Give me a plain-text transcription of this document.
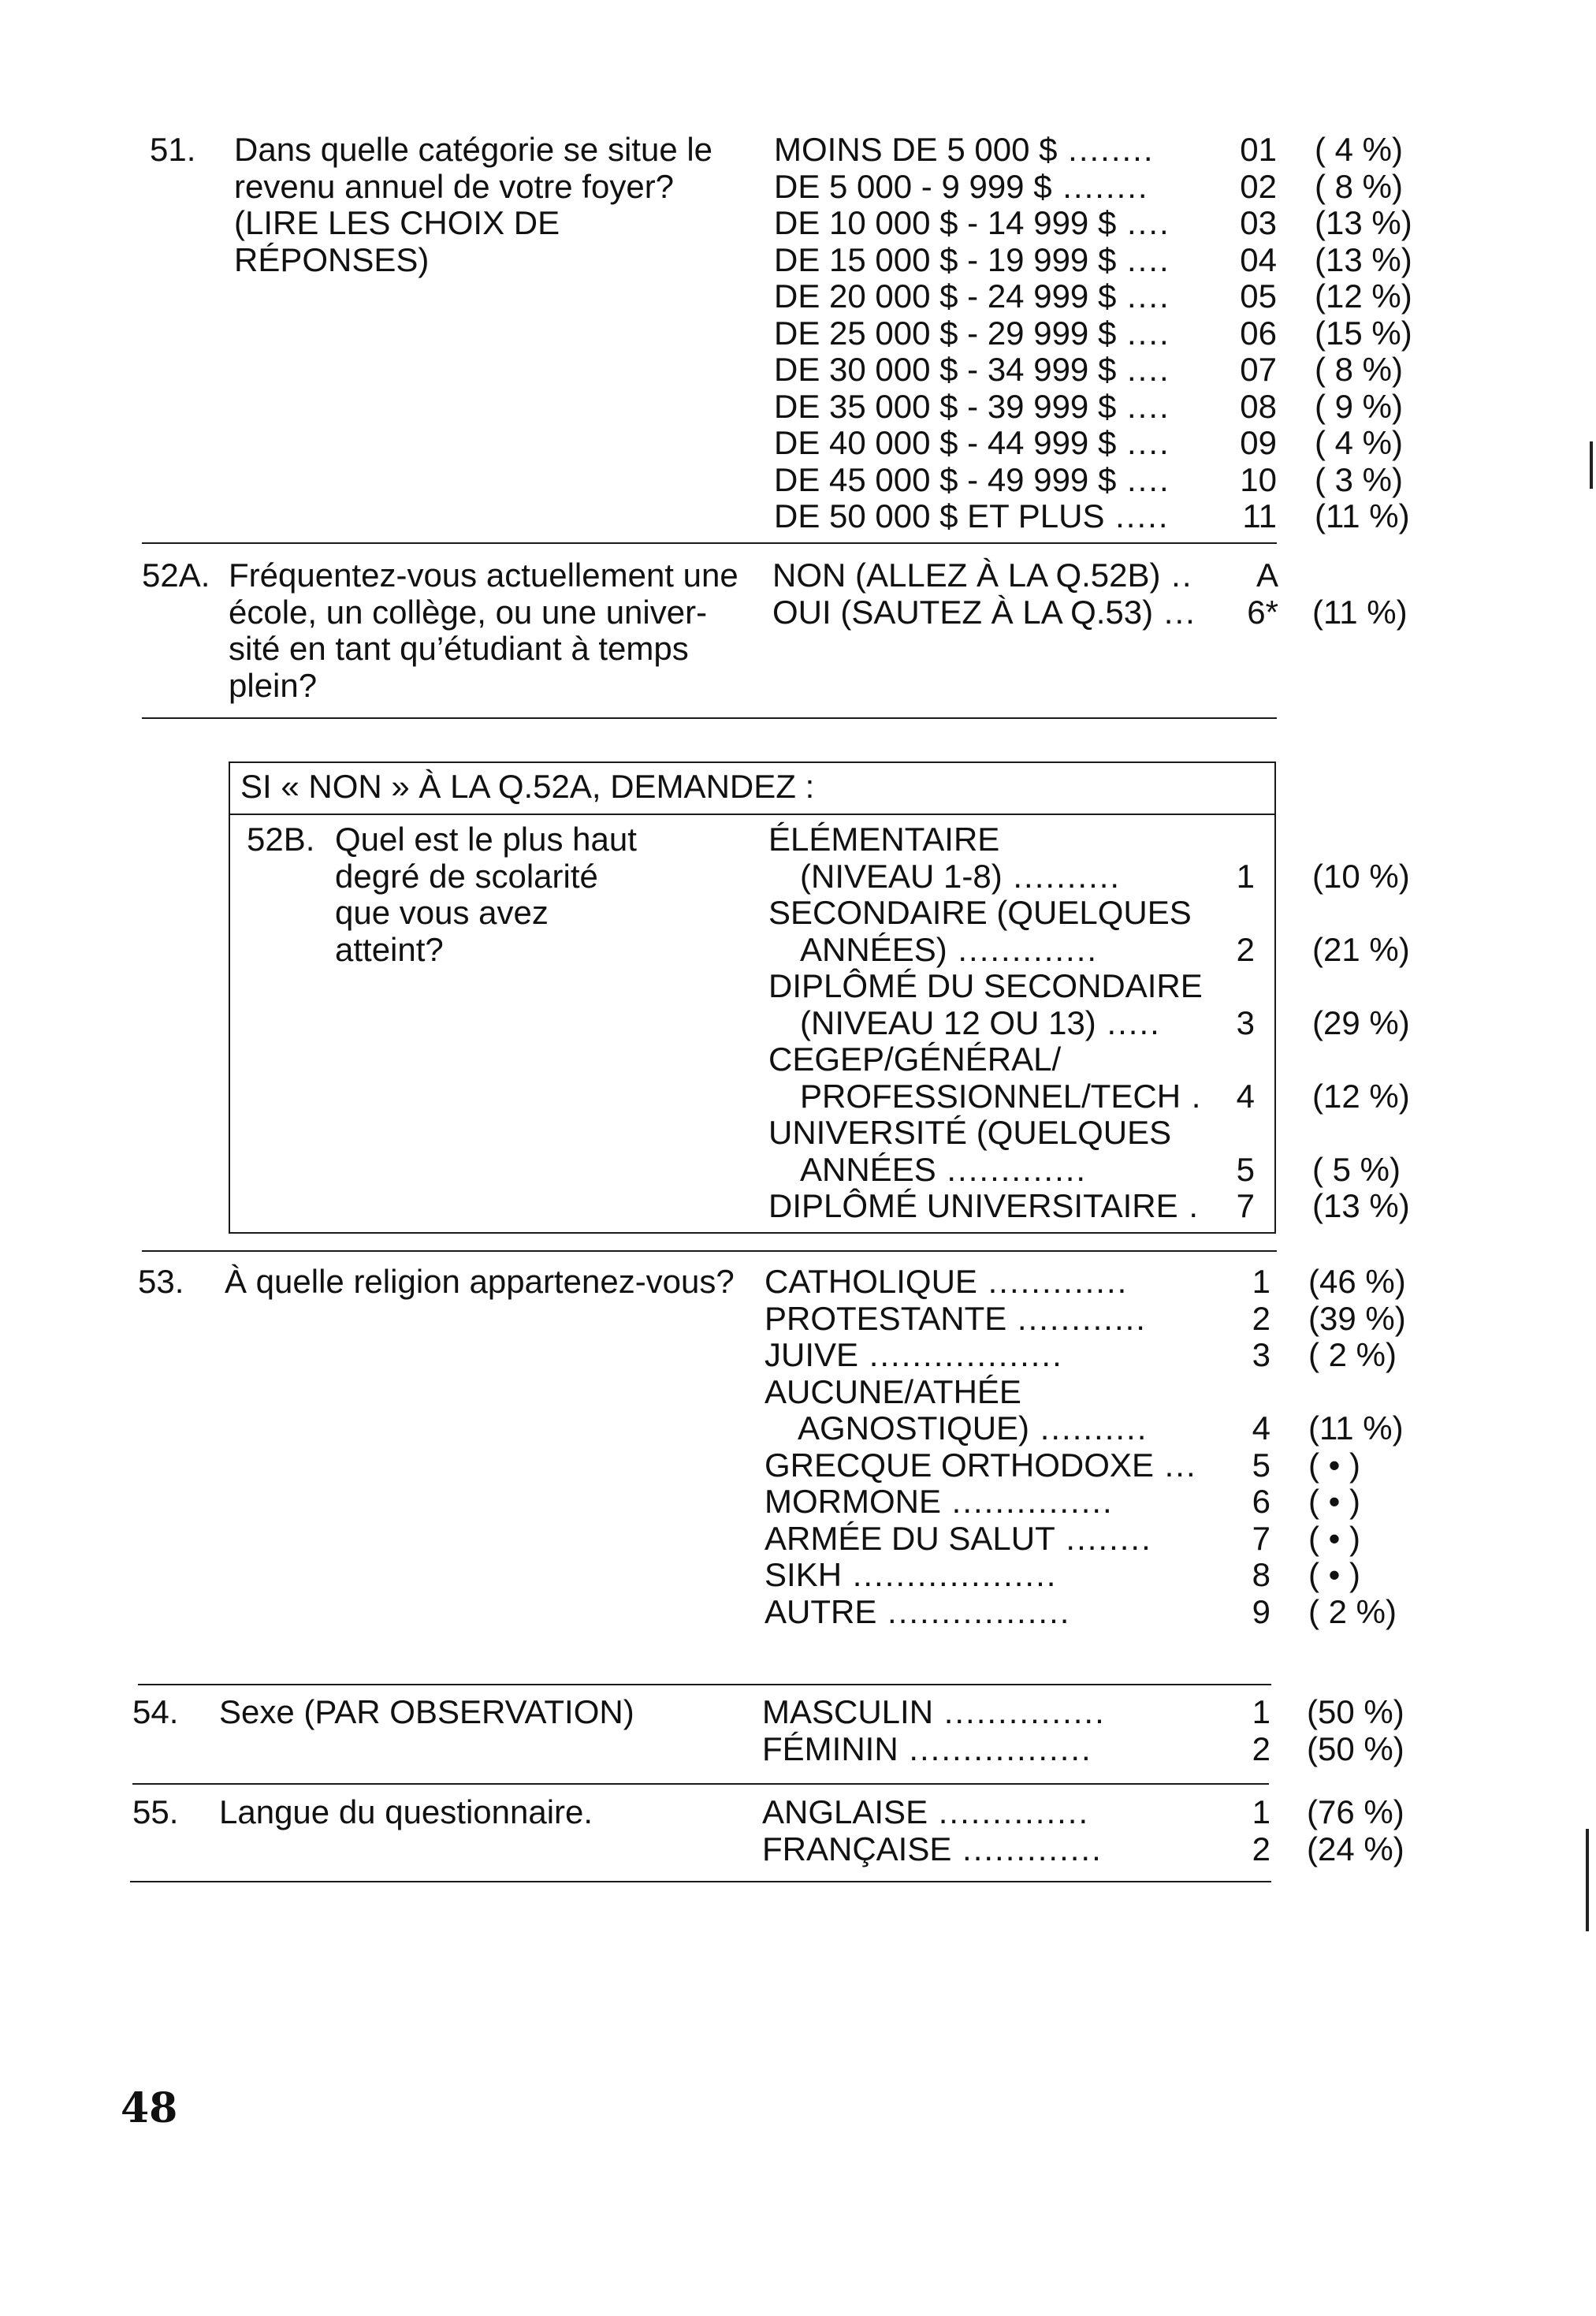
51. Dans quelle catégorie se situe le
revenu annuel de votre foyer?
(LIRE LES CHOIX DE
RÉPONSES)
MOINS DE 5 000 $ ........	01 ( 4 %)
DE 5 000 - 9 999 $ ........	02 ( 8 %)
DE 10 000 $ - 14 999 $ ....	03 (13 %)
DE 15 000 $ - 19 999 $ ....	04 (13 %)
DE 20 000 $ - 24 999 $ ....	05 (12 %)
DE 25 000 $ - 29 999 $ ....	06 (15 %)
DE 30 000 $ - 34 999 $ ....	07 ( 8 %)
DE 35 000 $ - 39 999 $ ....	08 ( 9 %)
DE 40 000 $ - 44 999 $ ....	09 ( 4 %)
DE 45 000 $ - 49 999 $ ....	10 ( 3 %)
DE 50 000 $ ET PLUS .....	11 (11 %)
52A. Fréquentez-vous actuellement une
école, un collège, ou une univer-
sité en tant qu’étudiant à temps
plein?
NON (ALLEZ À LA Q.52B) ..	A
OUI (SAUTEZ À LA Q.53) ...	6* (11 %)
SI « NON » À LA Q.52A, DEMANDEZ :
52B. Quel est le plus haut
degré de scolarité
que vous avez
atteint?
ÉLÉMENTAIRE
(NIVEAU 1-8) ..........	1 (10 %)
SECONDAIRE (QUELQUES
ANNÉES) .............	2 (21 %)
DIPLÔMÉ DU SECONDAIRE
(NIVEAU 12 OU 13) .....	3 (29 %)
CEGEP/GÉNÉRAL/
PROFESSIONNEL/TECH .	4 (12 %)
UNIVERSITÉ (QUELQUES
ANNÉES .............	5 ( 5 %)
DIPLÔMÉ UNIVERSITAIRE .	7 (13 %)
53. À quelle religion appartenez-vous? CATHOLIQUE .............	1 (46 %)
PROTESTANTE ............	2 (39 %)
JUIVE ..................	3 ( 2 %)
AUCUNE/ATHÉE
AGNOSTIQUE) ..........	4 (11 %)
GRECQUE ORTHODOXE ...	5 ( • )
MORMONE ...............	6 ( • )
ARMÉE DU SALUT ........	7 ( • )
SIKH ...................	8 ( • )
AUTRE .................	9 ( 2 %)
54. Sexe (PAR OBSERVATION)	MASCULIN ...............	1 (50 %)
FÉMININ .................	2 (50 %)
55. Langue du questionnaire.	ANGLAISE ..............	1 (76 %)
FRANÇAISE .............	2 (24 %)
48
